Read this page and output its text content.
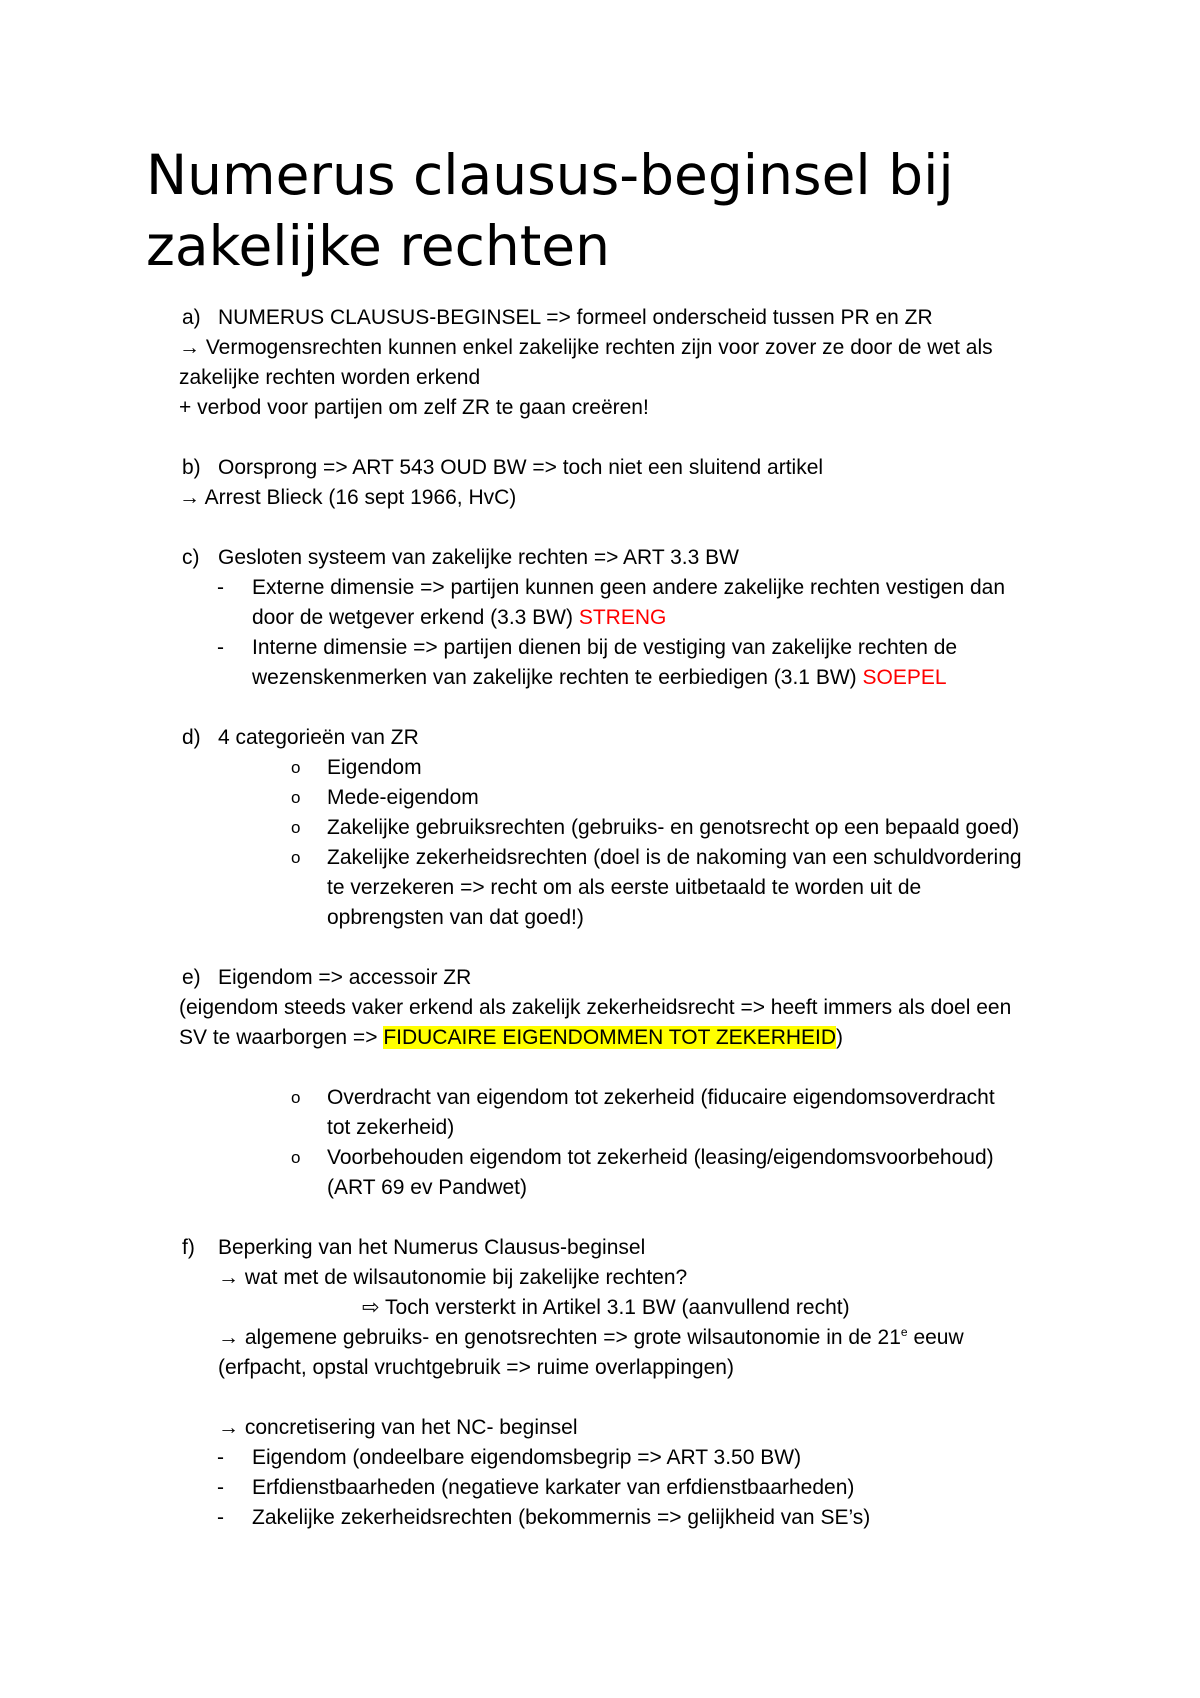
Numerus clausus-beginsel bij zakelijke rechten
a) NUMERUS CLAUSUS-BEGINSEL => formeel onderscheid tussen PR en ZR
→ Vermogensrechten kunnen enkel zakelijke rechten zijn voor zover ze door de wet als
zakelijke rechten worden erkend
+ verbod voor partijen om zelf ZR te gaan creëren!
b) Oorsprong => ART 543 OUD BW => toch niet een sluitend artikel
→ Arrest Blieck (16 sept 1966, HvC)
c) Gesloten systeem van zakelijke rechten => ART 3.3 BW
- Externe dimensie => partijen kunnen geen andere zakelijke rechten vestigen dan
door de wetgever erkend (3.3 BW) STRENG
- Interne dimensie => partijen dienen bij de vestiging van zakelijke rechten de
wezenskenmerken van zakelijke rechten te eerbiedigen (3.1 BW) SOEPEL
d) 4 categorieën van ZR
o Eigendom
o Mede-eigendom
o Zakelijke gebruiksrechten (gebruiks- en genotsrecht op een bepaald goed)
o Zakelijke zekerheidsrechten (doel is de nakoming van een schuldvordering
te verzekeren => recht om als eerste uitbetaald te worden uit de
opbrengsten van dat goed!)
e) Eigendom => accessoir ZR
(eigendom steeds vaker erkend als zakelijk zekerheidsrecht => heeft immers als doel een
SV te waarborgen => FIDUCAIRE EIGENDOMMEN TOT ZEKERHEID)
o Overdracht van eigendom tot zekerheid (fiducaire eigendomsoverdracht
tot zekerheid)
o Voorbehouden eigendom tot zekerheid (leasing/eigendomsvoorbehoud)
(ART 69 ev Pandwet)
f) Beperking van het Numerus Clausus-beginsel
→ wat met de wilsautonomie bij zakelijke rechten?
⇨ Toch versterkt in Artikel 3.1 BW (aanvullend recht)
→ algemene gebruiks- en genotsrechten => grote wilsautonomie in de 21e eeuw
(erfpacht, opstal vruchtgebruik => ruime overlappingen)
→ concretisering van het NC- beginsel
- Eigendom (ondeelbare eigendomsbegrip => ART 3.50 BW)
- Erfdienstbaarheden (negatieve karkater van erfdienstbaarheden)
- Zakelijke zekerheidsrechten (bekommernis => gelijkheid van SE’s)
